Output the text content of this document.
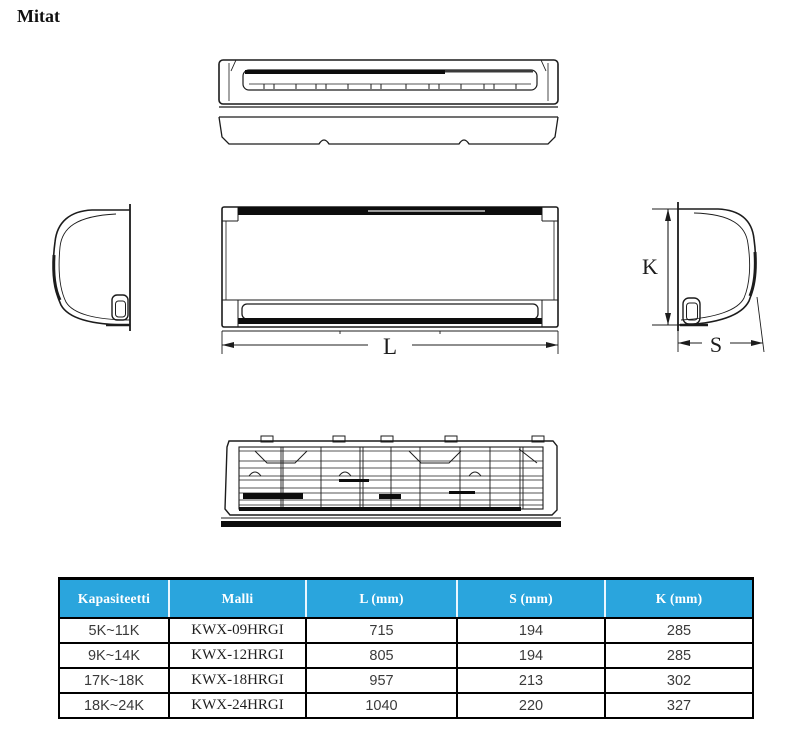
Mitat
L
K
S
Kapasiteetti	Malli	L (mm)	S (mm)	K (mm)
5K~11K	KWX-09HRGI	715	194	285
9K~14K	KWX-12HRGI	805	194	285
17K~18K	KWX-18HRGI	957	213	302
18K~24K	KWX-24HRGI	1040	220	327
